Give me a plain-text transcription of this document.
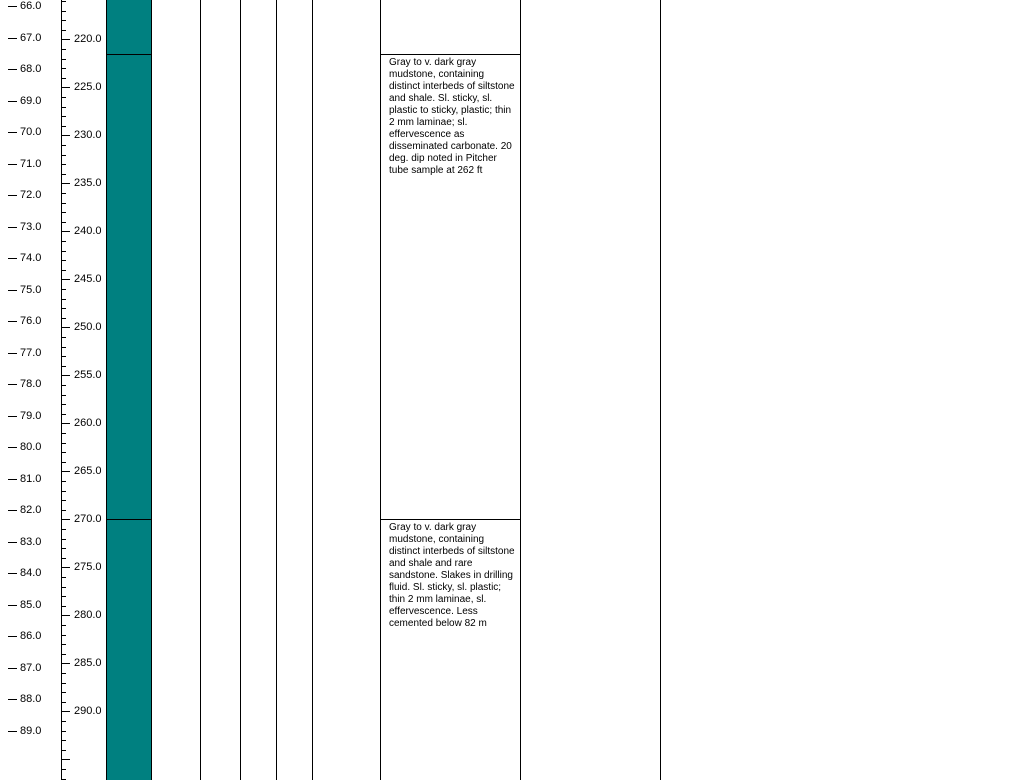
66.0
67.0
68.0
69.0
70.0
71.0
72.0
73.0
74.0
75.0
76.0
77.0
78.0
79.0
80.0
81.0
82.0
83.0
84.0
85.0
86.0
87.0
88.0
89.0
220.0
225.0
230.0
235.0
240.0
245.0
250.0
255.0
260.0
265.0
270.0
275.0
280.0
285.0
290.0
Gray to v. dark gray mudstone, containing distinct interbeds of siltstone and shale. Sl. sticky, sl. plastic to sticky, plastic; thin 2 mm laminae; sl. effervescence as disseminated carbonate. 20 deg. dip noted in Pitcher tube sample at 262 ft
Gray to v. dark gray mudstone, containing distinct interbeds of siltstone and shale and rare sandstone. Slakes in drilling fluid. Sl. sticky, sl. plastic; thin 2 mm laminae, sl. effervescence. Less cemented below 82 m
